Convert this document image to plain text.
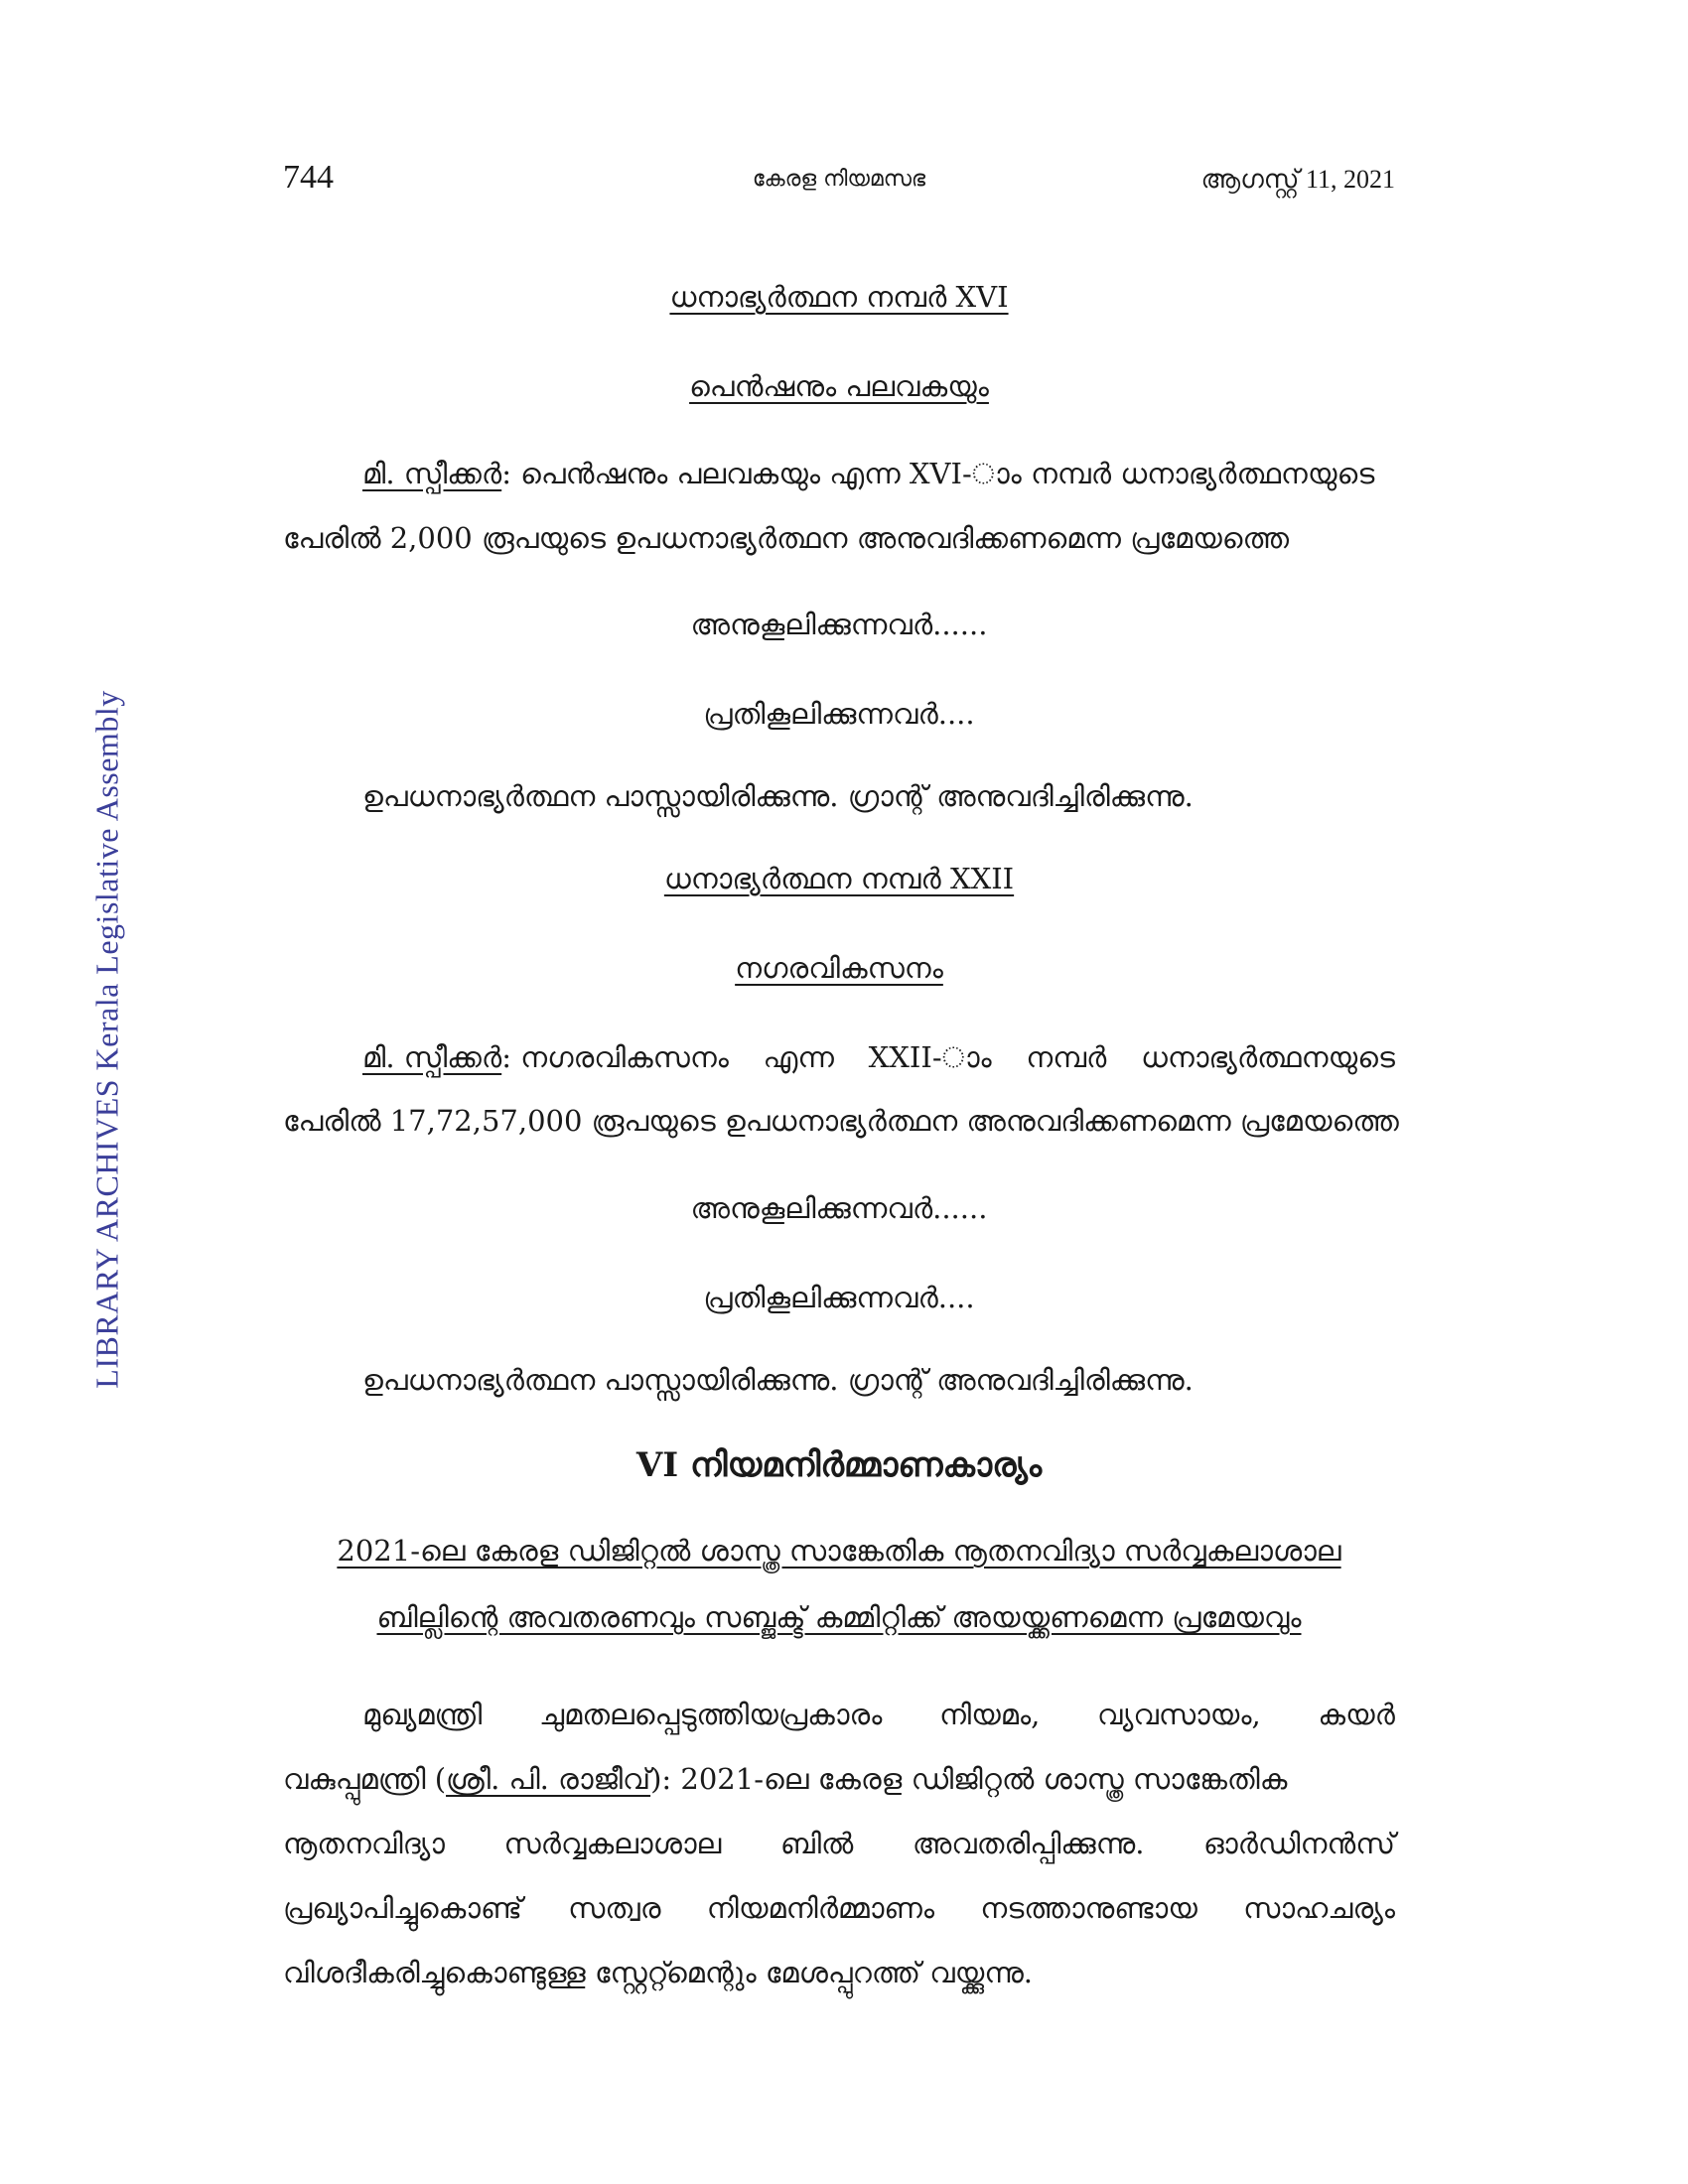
LIBRARY ARCHIVES Kerala Legislative Assembly
744	കേരള നിയമസഭ	ആഗസ്റ്റ് 11, 2021
ധനാഭ്യർത്ഥന നമ്പർ XVI
പെൻഷനും പലവകയും
മി. സ്പീക്കർ: പെൻഷനും പലവകയും എന്ന XVI-ാം നമ്പർ ധനാഭ്യർത്ഥനയുടെ
പേരിൽ 2,000 രൂപയുടെ ഉപധനാഭ്യർത്ഥന അനുവദിക്കണമെന്ന പ്രമേയത്തെ
അനുകൂലിക്കുന്നവർ......
പ്രതികൂലിക്കുന്നവർ....
ഉപധനാഭ്യർത്ഥന പാസ്സായിരിക്കുന്നു. ഗ്രാന്റ് അനുവദിച്ചിരിക്കുന്നു.
ധനാഭ്യർത്ഥന നമ്പർ XXII
നഗരവികസനം
മി. സ്പീക്കർ: നഗരവികസനം എന്ന XXII-ാം നമ്പർ ധനാഭ്യർത്ഥനയുടെ
പേരിൽ 17,72,57,000 രൂപയുടെ ഉപധനാഭ്യർത്ഥന അനുവദിക്കണമെന്ന പ്രമേയത്തെ
അനുകൂലിക്കുന്നവർ......
പ്രതികൂലിക്കുന്നവർ....
ഉപധനാഭ്യർത്ഥന പാസ്സായിരിക്കുന്നു. ഗ്രാന്റ് അനുവദിച്ചിരിക്കുന്നു.
VI നിയമനിർമ്മാണകാര്യം
2021-ലെ കേരള ഡിജിറ്റൽ ശാസ്ത്ര സാങ്കേതിക നൂതനവിദ്യാ സർവ്വകലാശാല
ബില്ലിന്റെ അവതരണവും സബ്ജക്ട് കമ്മിറ്റിക്ക് അയയ്ക്കണമെന്ന പ്രമേയവും
മുഖ്യമന്ത്രി ചുമതലപ്പെടുത്തിയപ്രകാരം നിയമം, വ്യവസായം, കയർ
വകുപ്പുമന്ത്രി (ശ്രീ. പി. രാജീവ്): 2021-ലെ കേരള ഡിജിറ്റൽ ശാസ്ത്ര സാങ്കേതിക
നൂതനവിദ്യാ സർവ്വകലാശാല ബിൽ അവതരിപ്പിക്കുന്നു. ഓർഡിനൻസ്
പ്രഖ്യാപിച്ചുകൊണ്ട് സത്വര നിയമനിർമ്മാണം നടത്താനുണ്ടായ സാഹചര്യം
വിശദീകരിച്ചുകൊണ്ടുള്ള സ്റ്റേറ്റ്മെന്റും മേശപ്പുറത്ത് വയ്ക്കുന്നു.
